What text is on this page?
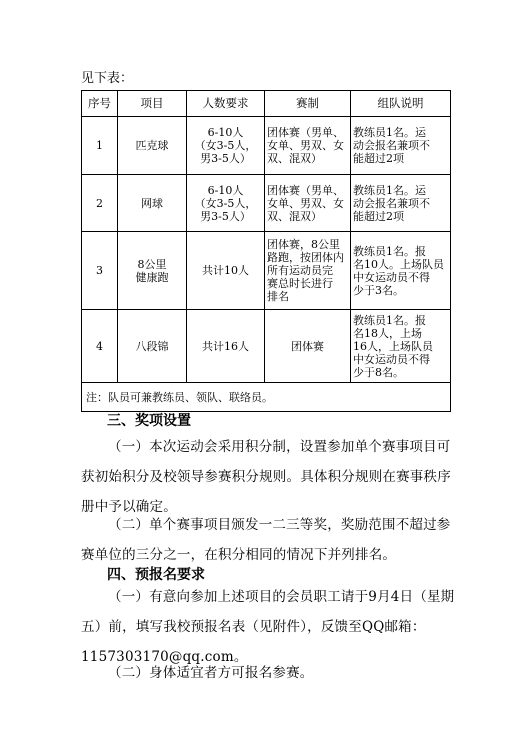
见下表：
序号	项目	人数要求	赛制	组队说明

1	匹克球	6-10人
（女3-5人，
男3-5人）	团体赛（男单、
女单、男双、女
双、混双）	教练员1名。运
动会报名兼项不
能超过2项

2	网球	6-10人
（女3-5人，
男3-5人）	团体赛（男单、
女单、男双、女
双、混双）	教练员1名。运
动会报名兼项不
能超过2项

3	8公里
健康跑	共计10人	团体赛，8公里
路跑，按团体内
所有运动员完
赛总时长进行
排名	教练员1名。报
名10人。上场队员
中女运动员不得
少于3名。

4	八段锦	共计16人	团体赛	教练员1名。报
名18人，上场
16人，上场队员
中女运动员不得
少于8名。

注：队员可兼教练员、领队、联络员。				
三、奖项设置
（一）本次运动会采用积分制，设置参加单个赛事项目可获初始积分及校领导参赛积分规则。具体积分规则在赛事秩序册中予以确定。
（二）单个赛事项目颁发一二三等奖，奖励范围不超过参赛单位的三分之一，在积分相同的情况下并列排名。
四、预报名要求
（一）有意向参加上述项目的会员职工请于9月4日（星期五）前，填写我校预报名表（见附件），反馈至QQ邮箱：1157303170@qq.com。
（二）身体适宜者方可报名参赛。
